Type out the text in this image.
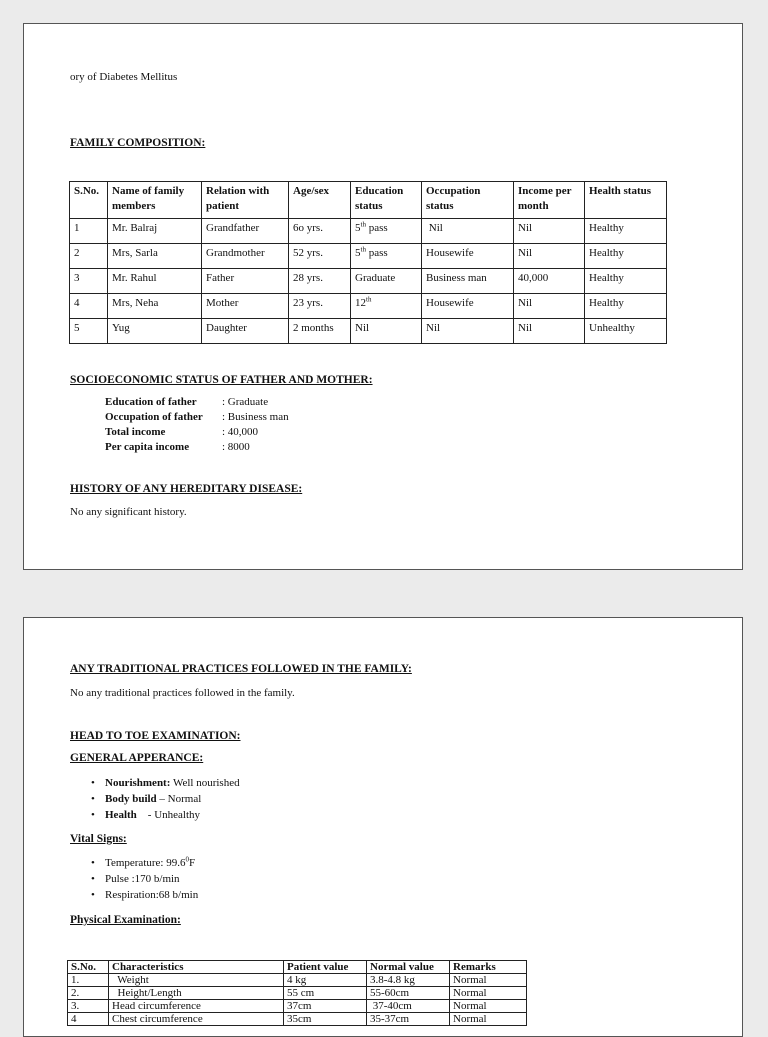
ory of Diabetes Mellitus
FAMILY COMPOSITION:
S.No.	Name of family members	Relation with patient	Age/sex	Education status	Occupation status	Income per month	Health status
1	Mr. Balraj	Grandfather	6o yrs.	5th pass	Nil	Nil	Healthy
2	Mrs, Sarla	Grandmother	52 yrs.	5th pass	Housewife	Nil	Healthy
3	Mr. Rahul	Father	28 yrs.	Graduate	Business man	40,000	Healthy
4	Mrs, Neha	Mother	23 yrs.	12th	Housewife	Nil	Healthy
5	Yug	Daughter	2 months	Nil	Nil	Nil	Unhealthy
SOCIOECONOMIC STATUS OF FATHER AND MOTHER:
Education of father : Graduate
Occupation of father : Business man
Total income	: 40,000
Per capita income	: 8000
HISTORY OF ANY HEREDITARY DISEASE:
No any significant history.
ANY TRADITIONAL PRACTICES FOLLOWED IN THE FAMILY:
No any traditional practices followed in the family.
HEAD TO TOE EXAMINATION:
GENERAL APPERANCE:
• Nourishment: Well nourished
• Body build – Normal
• Health    - Unhealthy
Vital Signs:
• Temperature: 99.6$^0$F
• Pulse :170 b/min
• Respiration:68 b/min
Physical Examination:
S.No.	Characteristics	Patient value	Normal value	Remarks
1.	Weight	4 kg	3.8-4.8 kg	Normal
2.	Height/Length	55 cm	55-60cm	Normal
3.	Head circumference	37cm	37-40cm	Normal
4	Chest circumference	35cm	35-37cm	Normal
